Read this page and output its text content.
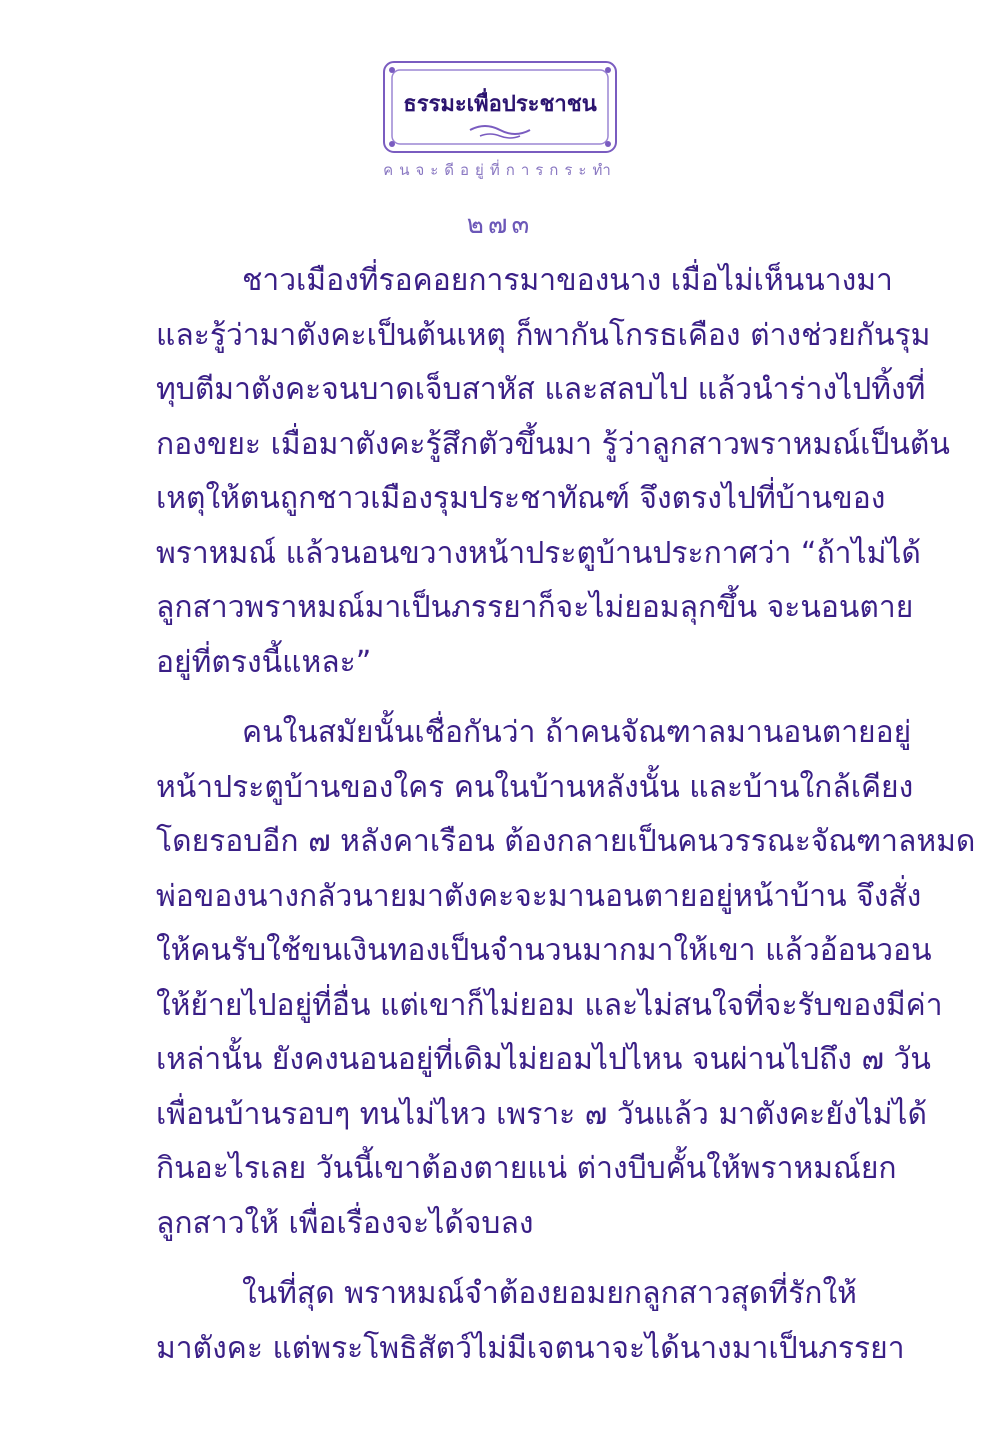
ธรรมะเพื่อประชาชน
คนจะดีอยู่ที่การกระทำ
๒๗๓

ชาวเมืองที่รอคอยการมาของนาง เมื่อไม่เห็นนางมา
และรู้ว่ามาตังคะเป็นต้นเหตุ ก็พากันโกรธเคือง ต่างช่วยกันรุม
ทุบตีมาตังคะจนบาดเจ็บสาหัส และสลบไป แล้วนำร่างไปทิ้งที่
กองขยะ เมื่อมาตังคะรู้สึกตัวขึ้นมา รู้ว่าลูกสาวพราหมณ์เป็นต้น
เหตุให้ตนถูกชาวเมืองรุมประชาทัณฑ์ จึงตรงไปที่บ้านของ
พราหมณ์ แล้วนอนขวางหน้าประตูบ้านประกาศว่า “ถ้าไม่ได้
ลูกสาวพราหมณ์มาเป็นภรรยาก็จะไม่ยอมลุกขึ้น จะนอนตาย
อยู่ที่ตรงนี้แหละ”

คนในสมัยนั้นเชื่อกันว่า ถ้าคนจัณฑาลมานอนตายอยู่
หน้าประตูบ้านของใคร คนในบ้านหลังนั้น และบ้านใกล้เคียง
โดยรอบอีก ๗ หลังคาเรือน ต้องกลายเป็นคนวรรณะจัณฑาลหมด
พ่อของนางกลัวนายมาตังคะจะมานอนตายอยู่หน้าบ้าน จึงสั่ง
ให้คนรับใช้ขนเงินทองเป็นจำนวนมากมาให้เขา แล้วอ้อนวอน
ให้ย้ายไปอยู่ที่อื่น แต่เขาก็ไม่ยอม และไม่สนใจที่จะรับของมีค่า
เหล่านั้น ยังคงนอนอยู่ที่เดิมไม่ยอมไปไหน จนผ่านไปถึง ๗ วัน
เพื่อนบ้านรอบๆ ทนไม่ไหว เพราะ ๗ วันแล้ว มาตังคะยังไม่ได้
กินอะไรเลย วันนี้เขาต้องตายแน่ ต่างบีบคั้นให้พราหมณ์ยก
ลูกสาวให้ เพื่อเรื่องจะได้จบลง

ในที่สุด พราหมณ์จำต้องยอมยกลูกสาวสุดที่รักให้
มาตังคะ แต่พระโพธิสัตว์ไม่มีเจตนาจะได้นางมาเป็นภรรยา
